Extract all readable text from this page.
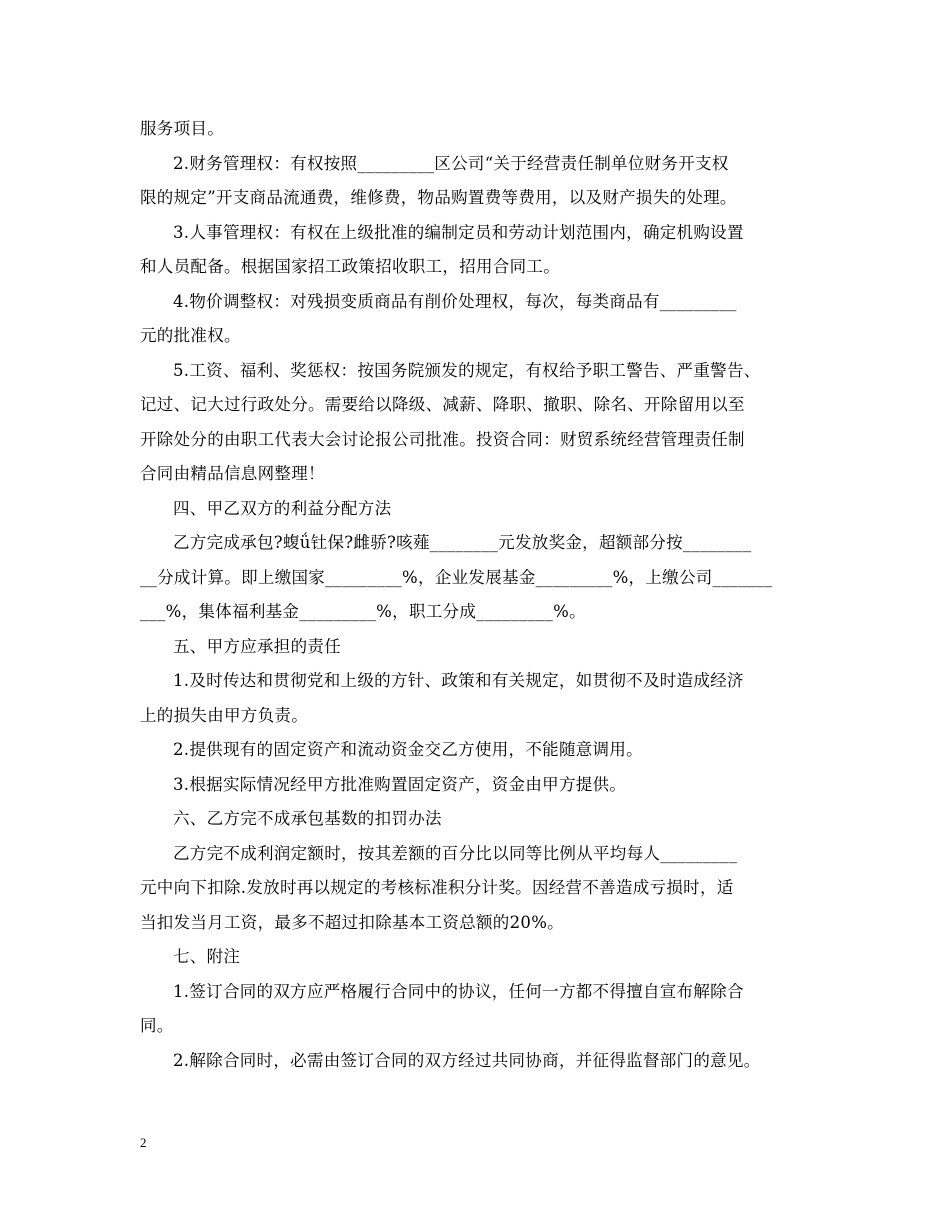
服务项目。
2.财务管理权：有权按照_________区公司“关于经营责任制单位财务开支权
限的规定”开支商品流通费，维修费，物品购置费等费用，以及财产损失的处理。
3.人事管理权：有权在上级批准的编制定员和劳动计划范围内，确定机购设置
和人员配备。根据国家招工政策招收职工，招用合同工。
4.物价调整权：对残损变质商品有削价处理权，每次，每类商品有_________
元的批准权。
5.工资、福利、奖惩权：按国务院颁发的规定，有权给予职工警告、严重警告、
记过、记大过行政处分。需要给以降级、减薪、降职、撤职、除名、开除留用以至
开除处分的由职工代表大会讨论报公司批准。投资合同：财贸系统经营管理责任制
合同由精品信息网整理！
四、甲乙双方的利益分配方法
乙方完成承包?蝮ǘ钍保?雌骄?咳薤________元发放奖金，超额部分按________
__分成计算。即上缴国家_________%，企业发展基金_________%，上缴公司_______
___%，集体福利基金_________%，职工分成_________%。
五、甲方应承担的责任
1.及时传达和贯彻党和上级的方针、政策和有关规定，如贯彻不及时造成经济
上的损失由甲方负责。
2.提供现有的固定资产和流动资金交乙方使用，不能随意调用。
3.根据实际情况经甲方批准购置固定资产，资金由甲方提供。
六、乙方完不成承包基数的扣罚办法
乙方完不成利润定额时，按其差额的百分比以同等比例从平均每人_________
元中向下扣除.发放时再以规定的考核标准积分计奖。因经营不善造成亏损时，适
当扣发当月工资，最多不超过扣除基本工资总额的20%。
七、附注
1.签订合同的双方应严格履行合同中的协议，任何一方都不得擅自宣布解除合
同。
2.解除合同时，必需由签订合同的双方经过共同协商，并征得监督部门的意见。
2
